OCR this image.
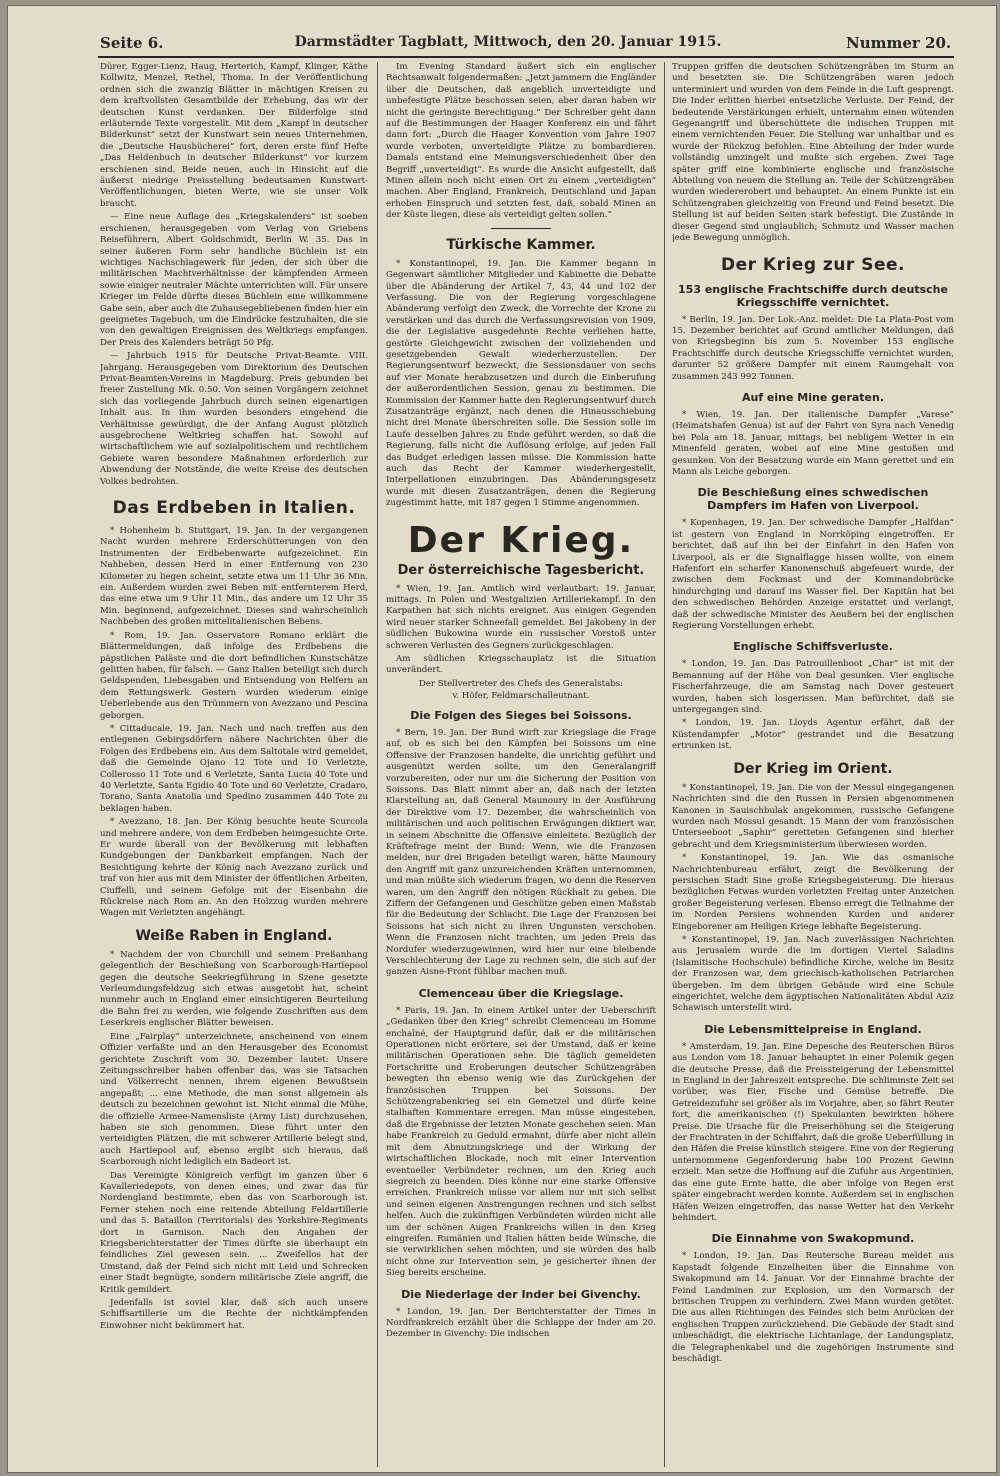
Seite 6.	Darmstädter Tagblatt, Mittwoch, den 20. Januar 1915.	Nummer 20.

Dürer, Egger-Lienz, Haug, Herterich, Kampf, Klinger, Käthe Kollwitz, Menzel, Rethel, Thoma. In der Veröffentlichung ordnen sich die zwanzig Blätter in mächtigen Kreisen zu dem kraftvollsten Gesamtbilde der Erhebung, das wir der deutschen Kunst verdanken. Der Bilderfolge sind erläuternde Texte vorgestellt. Mit dem „Kampf in deutscher Bilderkunst“ setzt der Kunstwart sein neues Unternehmen, die „Deutsche Hausbücherei“ fort, deren erste fünf Hefte „Das Heldenbuch in deutscher Bilderkunst“ vor kurzem erschienen sind. Beide neuen, auch in Hinsicht auf die äußerst niedrige Preisstellung bedeutsamen Kunstwart-Veröffentlichungen, bieten Werte, wie sie unser Volk braucht.

— Eine neue Auflage des „Kriegskalenders“ ist soeben erschienen, herausgegeben vom Verlag von Griebens Reiseführern, Albert Goldschmidt, Berlin W. 35. Das in seiner äußeren Form sehr handliche Büchlein ist ein wichtiges Nachschlagewerk für jeden, der sich über die militärischen Machtverhältnisse der kämpfenden Armeen sowie einiger neutraler Mächte unterrichten will. Für unsere Krieger im Felde dürfte dieses Büchlein eine willkommene Gabe sein, aber auch die Zuhausegebliebenen finden hier ein geeignetes Tagebuch, um die Eindrücke festzuhalten, die sie von den gewaltigen Ereignissen des Weltkriegs empfangen. Der Preis des Kalenders beträgt 50 Pfg.

— Jahrbuch 1915 für Deutsche Privat-Beamte. VIII. Jahrgang. Herausgegeben vom Direktorium des Deutschen Privat-Beamten-Vereins in Magdeburg. Preis gebunden bei freier Zustellung Mk. 0.50. Von seinen Vorgängern zeichnet sich das vorliegende Jahrbuch durch seinen eigenartigen Inhalt aus. In ihm wurden besonders eingehend die Verhältnisse gewürdigt, die der Anfang August plötzlich ausgebrochene Weltkrieg schaffen hat. Sowohl auf wirtschaftlichem wie auf sozialpolitischem und rechtlichem Gebiete waren besondere Maßnahmen erforderlich zur Abwendung der Notstände, die weite Kreise des deutschen Volkes bedrohten.

Das Erdbeben in Italien.

* Hohenheim b. Stuttgart, 19. Jan. In der vergangenen Nacht wurden mehrere Erderschütterungen von den Instrumenten der Erdbebenwarte aufgezeichnet. Ein Nahbeben, dessen Herd in einer Entfernung von 230 Kilometer zu liegen scheint, setzte etwa um 11 Uhr 36 Min. ein. Außerdem wurden zwei Beben mit entfernterem Herd, das eine etwa um 9 Uhr 11 Min., das andere um 12 Uhr 35 Min. beginnend, aufgezeichnet. Dieses sind wahrscheinlich Nachbeben des großen mittelitalienischen Bebens.

* Rom, 19. Jan. Osservatore Romano erklärt die Blättermeldungen, daß infolge des Erdbebens die päpstlichen Paläste und die dort befindlichen Kunstschätze gelitten haben, für falsch. — Ganz Italien beteiligt sich durch Geldspenden, Liebesgaben und Entsendung von Helfern an dem Rettungswerk. Gestern wurden wiederum einige Ueberlebende aus den Trümmern von Avezzano und Pescina geborgen.

* Cittaducale, 19. Jan. Nach und nach treffen aus den entlegenen Gebirgsdörfern nähere Nachrichten über die Folgen des Erdbebens ein. Aus dem Saltotale wird gemeldet, daß die Gemeinde Ojano 12 Tote und 10 Verletzte, Collerosso 11 Tote und 6 Verletzte, Santa Lucia 40 Tote und 40 Verletzte, Santa Egidio 40 Tote und 60 Verletzte, Cradaro, Torano, Santa Anatolia und Spedino zusammen 440 Tote zu beklagen haben.

* Avezzano, 18. Jan. Der König besuchte heute Scurcola und mehrere andere, von dem Erdbeben heimgesuchte Orte. Er wurde überall von der Bevölkerung mit lebhaften Kundgebungen der Dankbarkeit empfangen. Nach der Besichtigung kehrte der König nach Avezzano zurück und traf von hier aus mit dem Minister der öffentlichen Arbeiten, Ciuffelli, und seinem Gefolge mit der Eisenbahn die Rückreise nach Rom an. An den Holzzug wurden mehrere Wagen mit Verletzten angehängt.

Weiße Raben in England.

* Nachdem der von Churchill und seinem Preßanhang gelegentlich der Beschießung von Scarborough-Hartlepool gegen die deutsche Seekriegführung in Szene gesetzte Verleumdungsfeldzug sich etwas ausgetobt hat, scheint nunmehr auch in England einer einsichtigeren Beurteilung die Bahn frei zu werden, wie folgende Zuschriften aus dem Leserkreis englischer Blätter beweisen.

Eine „Fairplay“ unterzeichnete, anscheinend von einem Offizier verfaßte und an den Herausgeber des Economist gerichtete Zuschrift vom 30. Dezember lautet: Unsere Zeitungsschreiber haben offenbar das, was sie Tatsachen und Völkerrecht nennen, ihrem eigenen Bewußtsein angepaßt; ... eine Methode, die man sonst allgemein als deutsch zu bezeichnen gewohnt ist. Nicht einmal die Mühe, die offizielle Armee-Namensliste (Army List) durchzusehen, haben sie sich genommen. Diese führt unter den verteidigten Plätzen, die mit schwerer Artillerie belegt sind, auch Hartlepool auf, ebenso ergibt sich hieraus, daß Scarborough nicht lediglich ein Badeort ist.

Das Vereinigte Königreich verfügt im ganzen über 6 Kavalleriedepots, von denen eines, und zwar das für Nordengland bestimmte, eben das von Scarborough ist. Ferner stehen noch eine reitende Abteilung Feldartillerie und das 5. Bataillon (Territorials) des Yorkshire-Regiments dort in Garnison. Nach den Angaben der Kriegsberichterstatter der Times dürfte sie überhaupt ein feindliches Ziel gewesen sein. ... Zweifellos hat der Umstand, daß der Feind sich nicht mit Leid und Schrecken einer Stadt begnügte, sondern militärische Ziele angriff, die Kritik gemildert.

Jedenfalls ist soviel klar, daß sich auch unsere Schiffsartillerie um die Rechte der nichtkämpfenden Einwohner nicht bekümmert hat.

Im Evening Standard äußert sich ein englischer Rechtsanwalt folgendermaßen: „Jetzt jammern die Engländer über die Deutschen, daß angeblich unverteidigte und unbefestigte Plätze beschossen seien, aber daran haben wir nicht die geringste Berechtigung.“ Der Schreiber geht dann auf die Bestimmungen der Haager Konferenz ein und fährt dann fort: „Durch die Haager Konvention vom Jahre 1907 wurde verboten, unverteidigte Plätze zu bombardieren. Damals entstand eine Meinungsverschiedenheit über den Begriff „unverteidigt“. Es wurde die Ansicht aufgestellt, daß Minen allein noch nicht einen Ort zu einem „verteidigten“ machen. Aber England, Frankreich, Deutschland und Japan erhoben Einspruch und setzten fest, daß, sobald Minen an der Küste liegen, diese als verteidigt gelten sollen.“

Türkische Kammer.

* Konstantinopel, 19. Jan. Die Kammer begann in Gegenwart sämtlicher Mitglieder und Kabinette die Debatte über die Abänderung der Artikel 7, 43, 44 und 102 der Verfassung. Die von der Regierung vorgeschlagene Abänderung verfolgt den Zweck, die Vorrechte der Krone zu verstärken und das durch die Verfassungsrevision von 1909, die der Legislative ausgedehnte Rechte verliehen hatte, gestörte Gleichgewicht zwischen der vollziehenden und gesetzgebenden Gewalt wiederherzustellen. Der Regierungsentwurf bezweckt, die Sessionsdauer von sechs auf vier Monate herabzusetzen und durch die Einberufung der außerordentlichen Session, genau zu bestimmen. Die Kommission der Kammer hatte den Regierungsentwurf durch Zusatzanträge ergänzt, nach denen die Hinausschiebung nicht drei Monate überschreiten solle. Die Session solle im Laufe desselben Jahres zu Ende geführt werden, so daß die Regierung, falls nicht die Auflösung erfolge, auf jeden Fall das Budget erledigen lassen müsse. Die Kommission hatte auch das Recht der Kammer wiederhergestellt, Interpellationen einzubringen. Das Abänderungsgesetz wurde mit diesen Zusatzanträgen, denen die Regierung zugestimmt hatte, mit 187 gegen 1 Stimme angenommen.

Der Krieg.
Der österreichische Tagesbericht.

* Wien, 19. Jan. Amtlich wird verlautbart: 19. Januar, mittags. In Polen und Westgalizien Artilleriekampf. In den Karpathen hat sich nichts ereignet. Aus einigen Gegenden wird neuer starker Schneefall gemeldet. Bei Jakobeny in der südlichen Bukowina wurde ein russischer Vorstoß unter schweren Verlusten des Gegners zurückgeschlagen.

Am südlichen Kriegsschauplatz ist die Situation unverändert.

Der Stellvertreter des Chefs des Generalstabs:

v. Höfer, Feldmarschalleutnant.

Die Folgen des Sieges bei Soissons.

* Bern, 19. Jan. Der Bund wirft zur Kriegslage die Frage auf, ob es sich bei den Kämpfen bei Soissons um eine Offensive der Franzosen handelte, die unrichtig geführt und ausgenützt werden sollte, um den Generalangriff vorzubereiten, oder nur um die Sicherung der Position von Soissons. Das Blatt nimmt aber an, daß nach der letzten Klarstellung an, daß General Maunoury in der Ausführung der Direktive vom 17. Dezember, die wahrscheinlich von militärischen und auch politischen Erwägungen diktiert war, in seinem Abschnitte die Offensive einleitete. Bezüglich der Kräftefrage meint der Bund: Wenn, wie die Franzosen melden, nur drei Brigaden beteiligt waren, hätte Maunoury den Angriff mit ganz unzureichenden Kräften unternommen, und man müßte sich wiederum fragen, wo denn die Reserven waren, um den Angriff den nötigen Rückhalt zu geben. Die Ziffern der Gefangenen und Geschütze geben einen Maßstab für die Bedeutung der Schlacht. Die Lage der Franzosen bei Soissons hat sich nicht zu ihren Ungunsten verschoben. Wenn die Franzosen nicht trachten, um jeden Preis das Nordufer wiederzugewinnen, wird hier nur eine bleibende Verschlechterung der Lage zu rechnen sein, die sich auf der ganzen Aisne-Front fühlbar machen muß.

Clemenceau über die Kriegslage.

* Paris, 19. Jan. In einem Artikel unter der Ueberschrift „Gedanken über den Krieg“ schreibt Clemenceau im Homme enchaîné, der Hauptgrund dafür, daß er die militärischen Operationen nicht erörtere, sei der Umstand, daß er keine militärischen Operationen sehe. Die täglich gemeldeten Fortschritte und Eroberungen deutscher Schützengräben bewegten ihn ebenso wenig wie das Zurückgehen der französischen Truppen bei Soissons. Der Schützengrabenkrieg sei ein Gemetzel und dürfe keine stalhaften Kommentare erregen. Man müsse eingestehen, daß die Ergebnisse der letzten Monate geschehen seien. Man habe Frankreich zu Geduld ermahnt, dürfe aber nicht allein mit dem Abnutzungskriege und der Wirkung der wirtschaftlichen Blockade, noch mit einer Intervention eventueller Verbündeter rechnen, um den Krieg auch siegreich zu beenden. Dies könne nur eine starke Offensive erreichen. Frankreich müsse vor allem nur mit sich selbst und seinen eigenen Anstrengungen rechnen und sich selbst helfen. Auch die zukünftigen Verbündeten würden nicht alle um der schönen Augen Frankreichs willen in den Krieg eingreifen. Rumänien und Italien hätten beide Wünsche, die sie verwirklichen sehen möchten, und sie würden des halb nicht ohne zur Intervention sein, je gesicherter ihnen der Sieg bereits erscheine.

Die Niederlage der Inder bei Givenchy.

* London, 19. Jan. Der Berichterstatter der Times in Nordfrankreich erzählt über die Schlappe der Inder am 20. Dezember in Givenchy: Die indischen

Truppen griffen die deutschen Schützengräben im Sturm an und besetzten sie. Die Schützengräben waren jedoch unterminiert und wurden von dem Feinde in die Luft gesprengt. Die Inder erlitten hierbei entsetzliche Verluste. Der Feind, der bedeutende Verstärkungen erhielt, unternahm einen wütenden Gegenangriff und überschüttete die indischen Truppen mit einem vernichtenden Feuer. Die Stellung war unhaltbar und es wurde der Rückzug befohlen. Eine Abteilung der Inder wurde vollständig umzingelt und mußte sich ergeben. Zwei Tage später griff eine kombinierte englische und französische Abteilung von neuem die Stellung an. Teile der Schützengräben wurden wiedererobert und behauptet. An einem Punkte ist ein Schützengraben gleichzeitig von Freund und Feind besetzt. Die Stellung ist auf beiden Seiten stark befestigt. Die Zustände in dieser Gegend sind unglaublich; Schmutz und Wasser machen jede Bewegung unmöglich.

Der Krieg zur See.
153 englische Frachtschiffe durch deutsche Kriegsschiffe vernichtet.

* Berlin, 19. Jan. Der Lok.-Anz. meldet: Die La Plata-Post vom 15. Dezember berichtet auf Grund amtlicher Meldungen, daß von Kriegsbeginn bis zum 5. November 153 englische Frachtschiffe durch deutsche Kriegsschiffe vernichtet wurden, darunter 52 größere Dampfer mit einem Raumgehalt von zusammen 243 992 Tonnen.

Auf eine Mine geraten.

* Wien, 19. Jan. Der italienische Dampfer „Varese“ (Heimatshafen Genua) ist auf der Fahrt von Syra nach Venedig bei Pola am 18. Januar, mittags, bei nebligem Wetter in ein Minenfeld geraten, wobei auf eine Mine gestoßen und gesunken. Von der Besatzung wurde ein Mann gerettet und ein Mann als Leiche geborgen.

Die Beschießung eines schwedischen Dampfers im Hafen von Liverpool.

* Kopenhagen, 19. Jan. Der schwedische Dampfer „Halfdan“ ist gestern von England in Norrköping eingetroffen. Er berichtet, daß auf ihn bei der Einfahrt in den Hafen von Liverpool, als er die Signalflagge hissen wollte, von einem Hafenfort ein scharfer Kanonenschuß abgefeuert wurde, der zwischen dem Fockmast und der Kommandobrücke hindurchging und darauf ins Wasser fiel. Der Kapitän hat bei den schwedischen Behörden Anzeige erstattet und verlangt, daß der schwedische Minister des Aeußern bei der englischen Regierung Vorstellungen erhebt.

Englische Schiffsverluste.

* London, 19. Jan. Das Patrouillenboot „Char“ ist mit der Bemannung auf der Höhe von Deal gesunken. Vier englische Fischerfahrzeuge, die am Samstag nach Dover gesteuert wurden, haben sich losgerissen. Man befürchtet, daß sie untergegangen sind.

* London, 19. Jan. Lloyds Agentur erfährt, daß der Küstendampfer „Motor“ gestrandet und die Besatzung ertrunken ist.

Der Krieg im Orient.

* Konstantinopel, 19. Jan. Die von der Messul eingegangenen Nachrichten sind die den Russen in Persien abgenommenen Kanonen in Sauischbulak angekommen, russische Gefangene wurden nach Mossul gesandt. 15 Mann der vom französischen Unterseeboot „Saphir“ geretteten Gefangenen sind hierher gebracht und dem Kriegsministerium überwiesen worden.

* Konstantinopel, 19. Jan. Wie das osmanische Nachrichtenbureau erfährt, zeigt die Bevölkerung der persischen Stadt Sine große Kriegsbegeisterung. Die hieraus bezüglichen Fetwas wurden vorletzten Freitag unter Anzeichen großer Begeisterung verlesen. Ebenso erregt die Teilnahme der im Norden Persiens wohnenden Kurden und anderer Eingeborener am Heiligen Kriege lebhafte Begeisterung.

* Konstantinopel, 19. Jan. Nach zuverlässigen Nachrichten aus Jerusalem wurde die im dortigen Viertel Saladins (Islamitische Hochschule) befindliche Kirche, welche im Besitz der Franzosen war, dem griechisch-katholischen Patriarchen übergeben. Im dem übrigen Gebäude wird eine Schule eingerichtet, welche dem ägyptischen Nationalitäten Abdul Aziz Schawisch unterstellt wird.

Die Lebensmittelpreise in England.

* Amsterdam, 19. Jan. Eine Depesche des Reuterschen Büros aus London vom 18. Januar behauptet in einer Polemik gegen die deutsche Presse, daß die Preissteigerung der Lebensmittel in England in der Jahreszeit entspreche. Die schlimmste Zeit sei vorüber, was Eier, Fische und Gemüse betreffe. Die Getreidezufuhr sei größer als im Vorjahre, aber, so fährt Reuter fort, die amerikanischen (!) Spekulanten bewirkten höhere Preise. Die Ursache für die Preiserhöhung sei die Steigerung der Frachtraten in der Schiffahrt, daß die große Ueberfüllung in den Häfen die Preise künstlich steigere. Eine von der Regierung unternommene Gegenforderung habe 100 Prozent Gewinn erzielt. Man setze die Hoffnung auf die Zufuhr aus Argentinien, das eine gute Ernte hatte, die aber infolge von Regen erst später eingebracht werden konnte. Außerdem sei in englischen Häfen Weizen eingetroffen, das nasse Wetter hat den Verkehr behindert.

Die Einnahme von Swakopmund.

* London, 19. Jan. Das Reutersche Bureau meldet aus Kapstadt folgende Einzelheiten über die Einnahme von Swakopmund am 14. Januar. Vor der Einnahme brachte der Feind Landminen zur Explosion, um den Vormarsch der britischen Truppen zu verhindern. Zwei Mann wurden getötet. Die aus allen Richtungen des Feindes sich beim Anrücken der englischen Truppen zurückziehend. Die Gebäude der Stadt sind unbeschädigt, die elektrische Lichtanlage, der Landungsplatz, die Telegraphenkabel und die zugehörigen Instrumente sind beschädigt.
